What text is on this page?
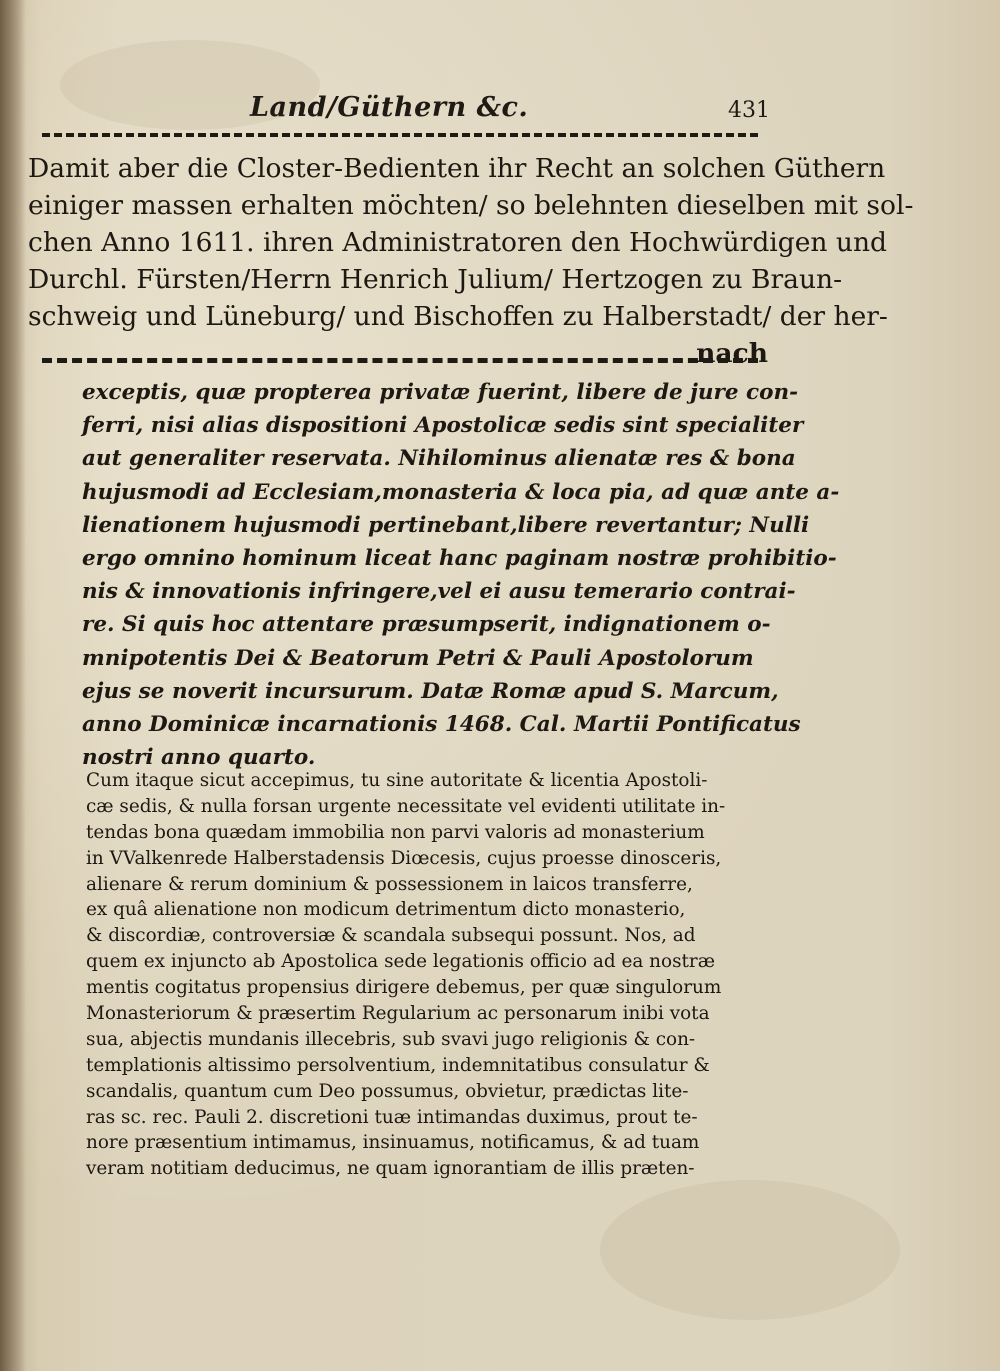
Land/Güthern &c.	431
Damit aber die Closter-Bedienten ihr Recht an solchen Güthern
einiger massen erhalten möchten/ so belehnten dieselben mit sol-
chen Anno 1611. ihren Administratoren den Hochwürdigen und
Durchl. Fürsten/Herrn Henrich Julium/ Hertzogen zu Braun-
schweig und Lüneburg/ und Bischoffen zu Halberstadt/ der her-
nach
exceptis, quæ propterea privatæ fuerint, libere de jure con-
ferri, nisi alias dispositioni Apostolicæ sedis sint specialiter
aut generaliter reservata. Nihilominus alienatæ res & bona
hujusmodi ad Ecclesiam,monasteria & loca pia, ad quæ ante a-
lienationem hujusmodi pertinebant,libere revertantur; Nulli
ergo omnino hominum liceat hanc paginam nostræ prohibitio-
nis & innovationis infringere,vel ei ausu temerario contrai-
re. Si quis hoc attentare præsumpserit, indignationem o-
mnipotentis Dei & Beatorum Petri & Pauli Apostolorum
ejus se noverit incursurum. Datæ Romæ apud S. Marcum,
anno Dominicæ incarnationis 1468. Cal. Martii Pontificatus
nostri anno quarto.
Cum itaque sicut accepimus, tu sine autoritate & licentia Apostoli-
cæ sedis, & nulla forsan urgente necessitate vel evidenti utilitate in-
tendas bona quædam immobilia non parvi valoris ad monasterium
in VValkenrede Halberstadensis Diœcesis, cujus proesse dinosceris,
alienare & rerum dominium & possessionem in laicos transferre,
ex quâ alienatione non modicum detrimentum dicto monasterio,
& discordiæ, controversiæ & scandala subsequi possunt. Nos, ad
quem ex injuncto ab Apostolica sede legationis officio ad ea nostræ
mentis cogitatus propensius dirigere debemus, per quæ singulorum
Monasteriorum & præsertim Regularium ac personarum inibi vota
sua, abjectis mundanis illecebris, sub svavi jugo religionis & con-
templationis altissimo persolventium, indemnitatibus consulatur &
scandalis, quantum cum Deo possumus, obvietur, prædictas lite-
ras sc. rec. Pauli 2. discretioni tuæ intimandas duximus, prout te-
nore præsentium intimamus, insinuamus, notificamus, & ad tuam
veram notitiam deducimus, ne quam ignorantiam de illis præten-
